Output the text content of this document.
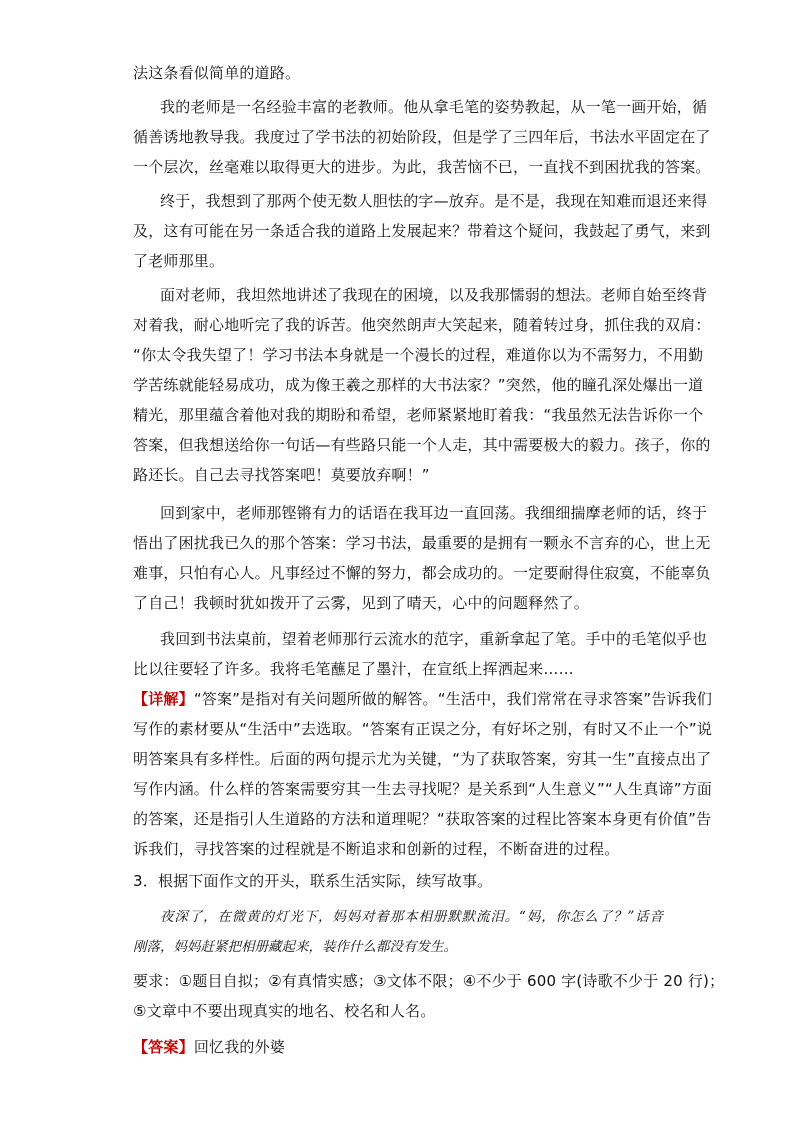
法这条看似简单的道路。
我的老师是一名经验丰富的老教师。他从拿毛笔的姿势教起，从一笔一画开始，循
循善诱地教导我。我度过了学书法的初始阶段，但是学了三四年后，书法水平固定在了
一个层次，丝毫难以取得更大的进步。为此，我苦恼不已，一直找不到困扰我的答案。
终于，我想到了那两个使无数人胆怯的字—放弃。是不是，我现在知难而退还来得
及，这有可能在另一条适合我的道路上发展起来？带着这个疑问，我鼓起了勇气，来到
了老师那里。
面对老师，我坦然地讲述了我现在的困境，以及我那懦弱的想法。老师自始至终背
对着我，耐心地听完了我的诉苦。他突然朗声大笑起来，随着转过身，抓住我的双肩：
“你太令我失望了！学习书法本身就是一个漫长的过程，难道你以为不需努力，不用勤
学苦练就能轻易成功，成为像王羲之那样的大书法家？”突然，他的瞳孔深处爆出一道
精光，那里蕴含着他对我的期盼和希望，老师紧紧地盯着我：“我虽然无法告诉你一个
答案，但我想送给你一句话—有些路只能一个人走，其中需要极大的毅力。孩子，你的
路还长。自己去寻找答案吧！莫要放弃啊！”
回到家中，老师那铿锵有力的话语在我耳边一直回荡。我细细揣摩老师的话，终于
悟出了困扰我已久的那个答案：学习书法，最重要的是拥有一颗永不言弃的心，世上无
难事，只怕有心人。凡事经过不懈的努力，都会成功的。一定要耐得住寂寞，不能辜负
了自己！我顿时犹如拨开了云雾，见到了晴天，心中的问题释然了。
我回到书法桌前，望着老师那行云流水的范字，重新拿起了笔。手中的毛笔似乎也
比以往要轻了许多。我将毛笔蘸足了墨汁，在宣纸上挥洒起来……
【详解】“答案”是指对有关问题所做的解答。“生活中，我们常常在寻求答案”告诉我们
写作的素材要从“生活中”去选取。“答案有正误之分，有好坏之别，有时又不止一个”说
明答案具有多样性。后面的两句提示尤为关键，“为了获取答案，穷其一生”直接点出了
写作内涵。什么样的答案需要穷其一生去寻找呢？是关系到“人生意义”“人生真谛”方面
的答案，还是指引人生道路的方法和道理呢？“获取答案的过程比答案本身更有价值”告
诉我们，寻找答案的过程就是不断追求和创新的过程，不断奋进的过程。
3．根据下面作文的开头，联系生活实际，续写故事。
夜深了，在微黄的灯光下，妈妈对着那本相册默默流泪。“妈，你怎么了？”话音
刚落，妈妈赶紧把相册藏起来，装作什么都没有发生。
要求：①题目自拟；②有真情实感；③文体不限；④不少于 600 字(诗歌不少于 20 行)；
⑤文章中不要出现真实的地名、校名和人名。
【答案】回忆我的外婆
